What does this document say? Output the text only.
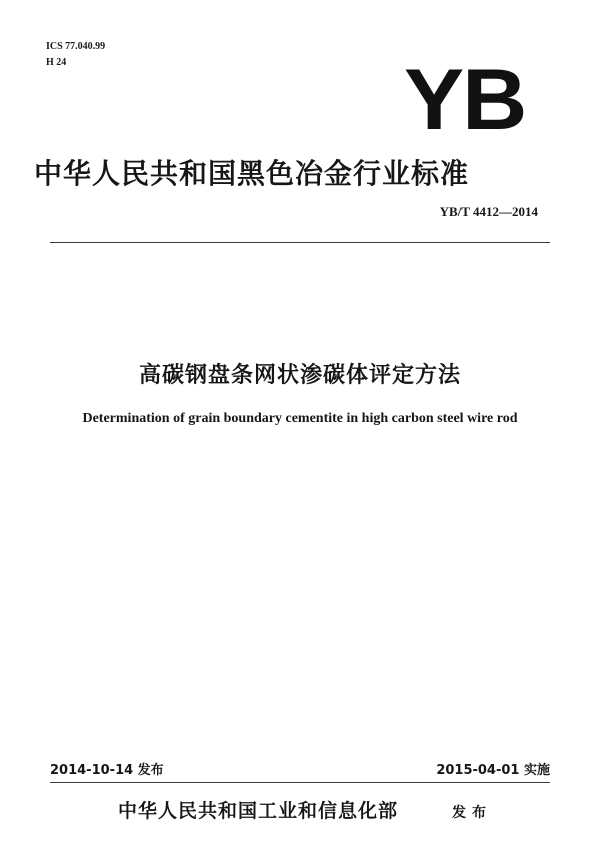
ICS 77.040.99
H 24	YB
中华人民共和国黑色冶金行业标准
YB/T 4412—2014
高碳钢盘条网状渗碳体评定方法

Determination of grain boundary cementite in high carbon steel wire rod

2014-10-14 发布	2015-04-01 实施
中华人民共和国工业和信息化部	发布
